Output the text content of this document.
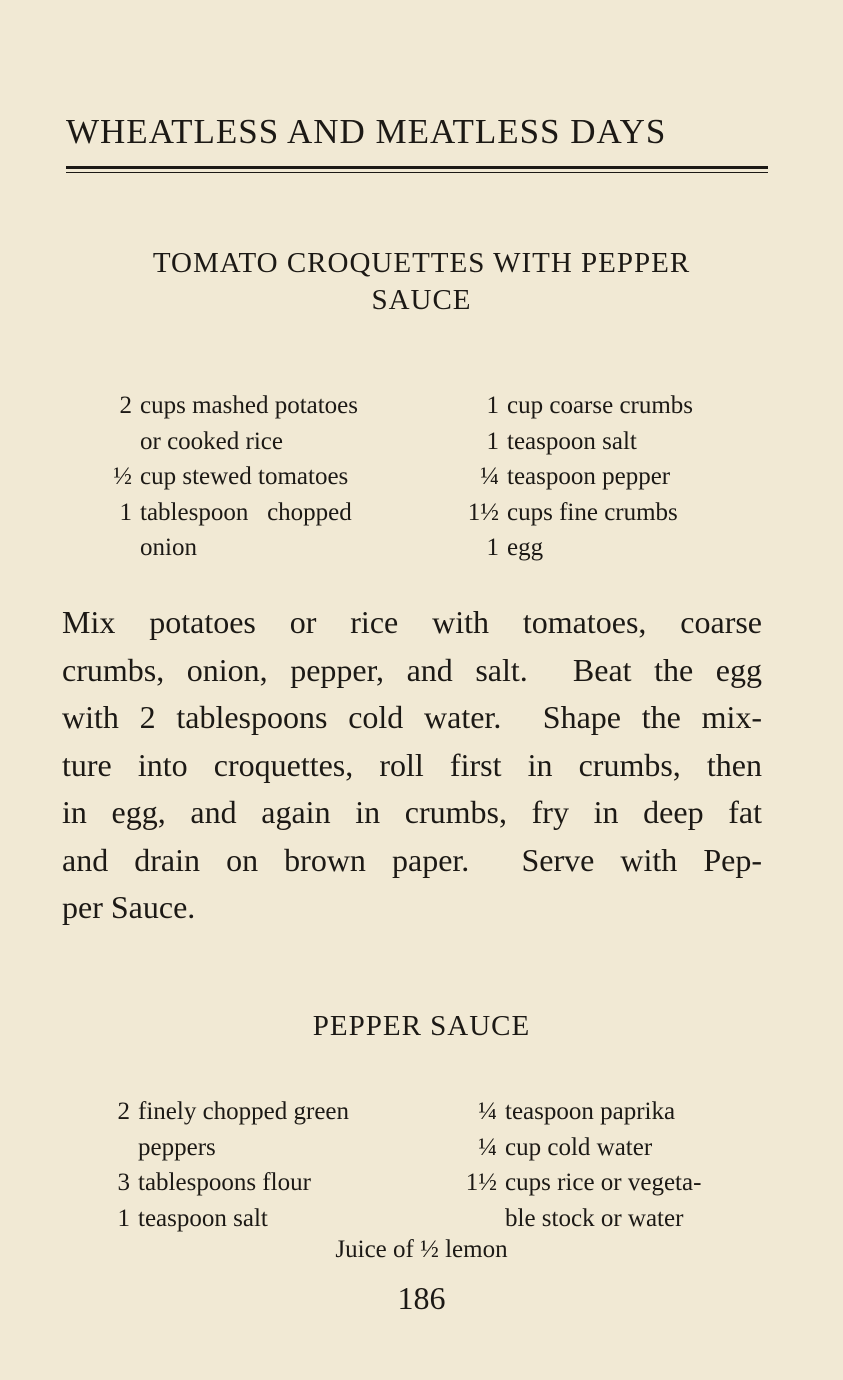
WHEATLESS AND MEATLESS DAYS
TOMATO CROQUETTES WITH PEPPER
SAUCE
2 cups mashed potatoes
or cooked rice
½ cup stewed tomatoes
1 tablespoon   chopped
onion
1 cup coarse crumbs
1 teaspoon salt
¼ teaspoon pepper
1½ cups fine crumbs
1 egg
Mix potatoes or rice with tomatoes, coarse
crumbs, onion, pepper, and salt.  Beat the egg
with 2 tablespoons cold water.  Shape the mix-
ture into croquettes, roll first in crumbs, then
in egg, and again in crumbs, fry in deep fat
and drain on brown paper.  Serve with Pep-
per Sauce.
PEPPER SAUCE
2 finely chopped green
peppers
3 tablespoons flour
1 teaspoon salt
¼ teaspoon paprika
¼ cup cold water
1½ cups rice or vegeta-
ble stock or water
Juice of ½ lemon
186
